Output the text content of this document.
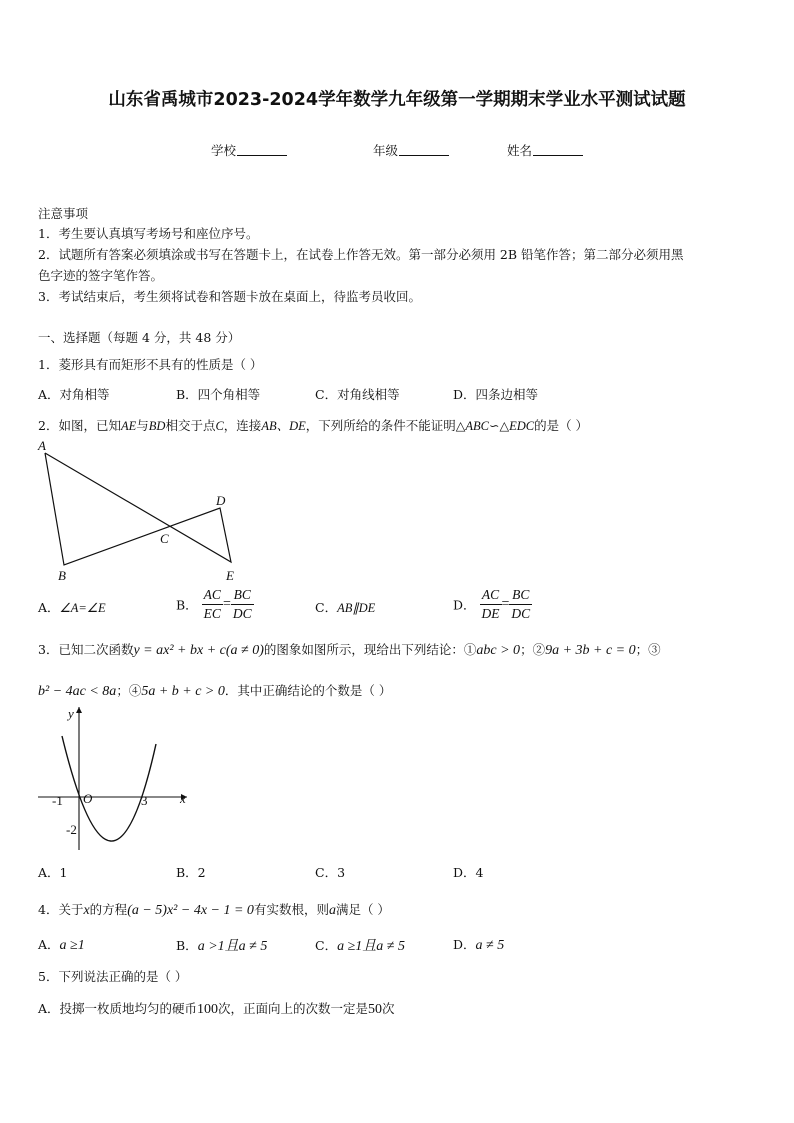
山东省禹城市2023-2024学年数学九年级第一学期期末学业水平测试试题
学校	年级	姓名
注意事项
1．考生要认真填写考场号和座位序号。
2．试题所有答案必须填涂或书写在答题卡上，在试卷上作答无效。第一部分必须用 2B 铅笔作答；第二部分必须用黑
色字迹的签字笔作答。
3．考试结束后，考生须将试卷和答题卡放在桌面上，待监考员收回。
一、选择题（每题 4 分，共 48 分）
1．菱形具有而矩形不具有的性质是（ ）
A．对角相等	B．四个角相等	C．对角线相等	D．四条边相等
2．如图，已知AE与BD相交于点C，连接AB、DE，下列所给的条件不能证明△ABC∽△EDC的是（ ）
A
D
C
B	E
A．∠A=∠E	B． $\frac{AC}{EC} = \frac{BC}{DC}$	C．AB∥DE	D． $\frac{AC}{DE} = \frac{BC}{DC}$
3．已知二次函数y = ax² + bx + c(a ≠ 0)的图象如图所示，现给出下列结论：①abc > 0；②9a + 3b + c = 0；③
b² − 4ac < 8a；④5a + b + c > 0．其中正确结论的个数是（ ）
x
y
O
-1	3
-2
A．1	B．2	C．3	D．4
4．关于x的方程(a − 5)x² − 4x − 1 = 0有实数根，则a满足（ ）
A．a ≥1	B．a >1且a ≠ 5	C．a ≥1且a ≠ 5	D．a ≠ 5
5．下列说法正确的是（ ）
A．投掷一枚质地均匀的硬币100次，正面向上的次数一定是50次
